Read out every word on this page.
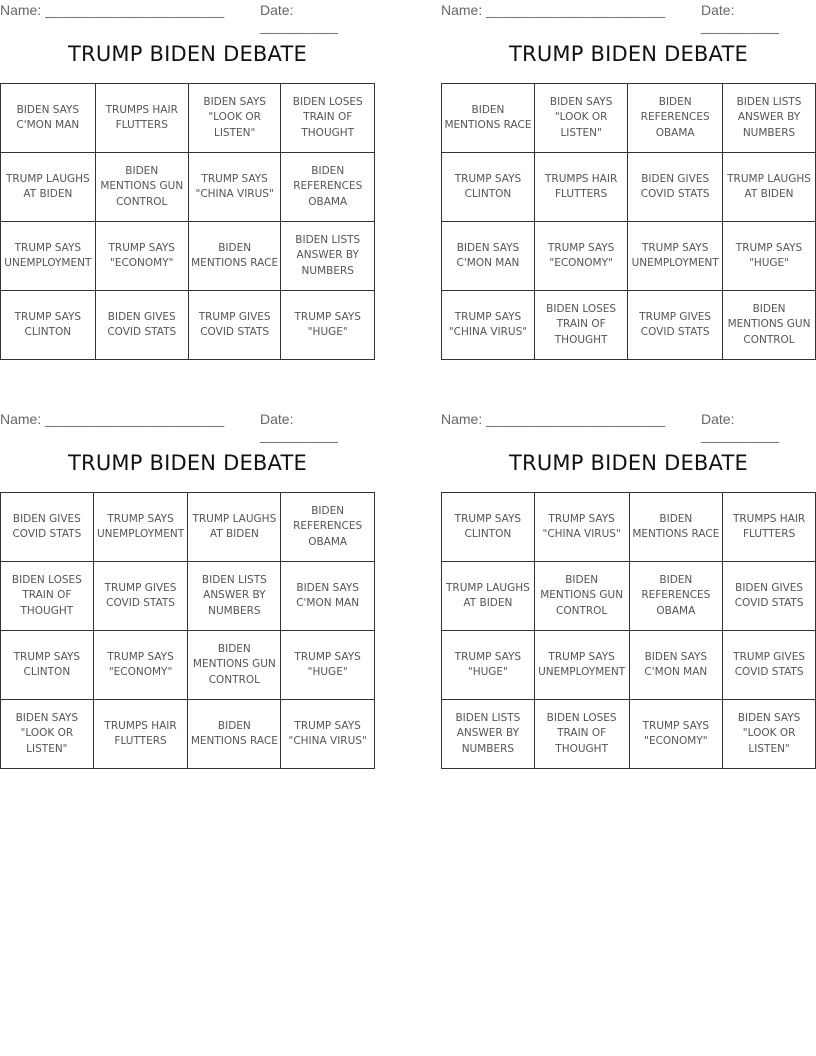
Name: _______________________	Date: __________
TRUMP BIDEN DEBATE
BIDEN SAYS C'MON MAN	TRUMPS HAIR FLUTTERS	BIDEN SAYS "LOOK OR LISTEN"	BIDEN LOSES TRAIN OF THOUGHT
TRUMP LAUGHS AT BIDEN	BIDEN MENTIONS GUN CONTROL	TRUMP SAYS "CHINA VIRUS"	BIDEN REFERENCES OBAMA
TRUMP SAYS UNEMPLOYMENT	TRUMP SAYS "ECONOMY"	BIDEN MENTIONS RACE	BIDEN LISTS ANSWER BY NUMBERS
TRUMP SAYS CLINTON	BIDEN GIVES COVID STATS	TRUMP GIVES COVID STATS	TRUMP SAYS "HUGE"
Name: _______________________	Date: __________
TRUMP BIDEN DEBATE
BIDEN MENTIONS RACE	BIDEN SAYS "LOOK OR LISTEN"	BIDEN REFERENCES OBAMA	BIDEN LISTS ANSWER BY NUMBERS
TRUMP SAYS CLINTON	TRUMPS HAIR FLUTTERS	BIDEN GIVES COVID STATS	TRUMP LAUGHS AT BIDEN
BIDEN SAYS C'MON MAN	TRUMP SAYS "ECONOMY"	TRUMP SAYS UNEMPLOYMENT	TRUMP SAYS "HUGE"
TRUMP SAYS "CHINA VIRUS"	BIDEN LOSES TRAIN OF THOUGHT	TRUMP GIVES COVID STATS	BIDEN MENTIONS GUN CONTROL
Name: _______________________	Date: __________
TRUMP BIDEN DEBATE
BIDEN GIVES COVID STATS	TRUMP SAYS UNEMPLOYMENT	TRUMP LAUGHS AT BIDEN	BIDEN REFERENCES OBAMA
BIDEN LOSES TRAIN OF THOUGHT	TRUMP GIVES COVID STATS	BIDEN LISTS ANSWER BY NUMBERS	BIDEN SAYS C'MON MAN
TRUMP SAYS CLINTON	TRUMP SAYS "ECONOMY"	BIDEN MENTIONS GUN CONTROL	TRUMP SAYS "HUGE"
BIDEN SAYS "LOOK OR LISTEN"	TRUMPS HAIR FLUTTERS	BIDEN MENTIONS RACE	TRUMP SAYS "CHINA VIRUS"
Name: _______________________	Date: __________
TRUMP BIDEN DEBATE
TRUMP SAYS CLINTON	TRUMP SAYS "CHINA VIRUS"	BIDEN MENTIONS RACE	TRUMPS HAIR FLUTTERS
TRUMP LAUGHS AT BIDEN	BIDEN MENTIONS GUN CONTROL	BIDEN REFERENCES OBAMA	BIDEN GIVES COVID STATS
TRUMP SAYS "HUGE"	TRUMP SAYS UNEMPLOYMENT	BIDEN SAYS C'MON MAN	TRUMP GIVES COVID STATS
BIDEN LISTS ANSWER BY NUMBERS	BIDEN LOSES TRAIN OF THOUGHT	TRUMP SAYS "ECONOMY"	BIDEN SAYS "LOOK OR LISTEN"
